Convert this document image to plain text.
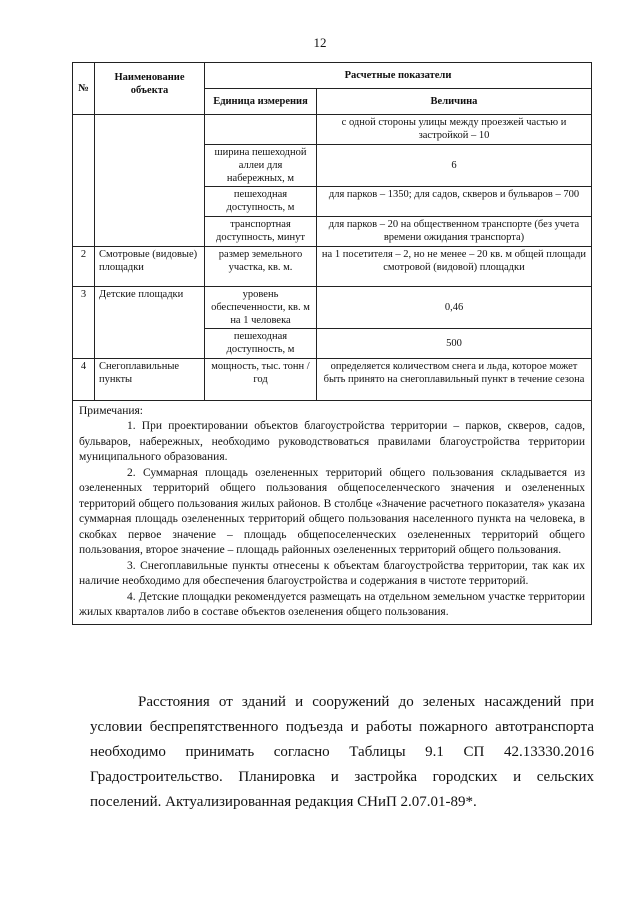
12
№	Наименование объекта	Расчетные показатели	
		Единица измерения	Величина
			с одной стороны улицы между проезжей частью и застройкой – 10
		ширина пешеходной аллеи для набережных, м	6
		пешеходная доступность, м	для парков – 1350; для садов, скверов и бульваров – 700
		транспортная доступность, минут	для парков – 20 на общественном транспорте (без учета времени ожидания транспорта)
2	Смотровые (видовые) площадки	размер земельного участка, кв. м.	на 1 посетителя – 2, но не менее – 20 кв. м общей площади смотровой (видовой) площадки
3	Детские площадки	уровень обеспеченности, кв. м на 1 человека	0,46
		пешеходная доступность, м	500
4	Снегоплавильные пункты	мощность, тыс. тонн / год	определяется количеством снега и льда, которое может быть принято на снегоплавильный пункт в течение сезона

Примечания:

1. При проектировании объектов благоустройства территории – парков, скверов, садов, бульваров, набережных, необходимо руководствоваться правилами благоустройства территории муниципального образования.

2. Суммарная площадь озелененных территорий общего пользования складывается из озелененных территорий общего пользования общепоселенческого значения и озелененных территорий общего пользования жилых районов. В столбце «Значение расчетного показателя» указана суммарная площадь озелененных территорий общего пользования населенного пункта на человека, в скобках первое значение – площадь общепоселенческих озелененных территорий общего пользования, второе значение – площадь районных озелененных территорий общего пользования.

3. Снегоплавильные пункты отнесены к объектам благоустройства территории, так как их наличие необходимо для обеспечения благоустройства и содержания в чистоте территорий.

4. Детские площадки рекомендуется размещать на отдельном земельном участке территории жилых кварталов либо в составе объектов озеленения общего пользования.			

Расстояния от зданий и сооружений до зеленых насаждений при условии беспрепятственного подъезда и работы пожарного автотранспорта необходимо принимать согласно Таблицы 9.1 СП 42.13330.2016 Градостроительство. Планировка и застройка городских и сельских поселений. Актуализированная редакция СНиП 2.07.01-89*.
